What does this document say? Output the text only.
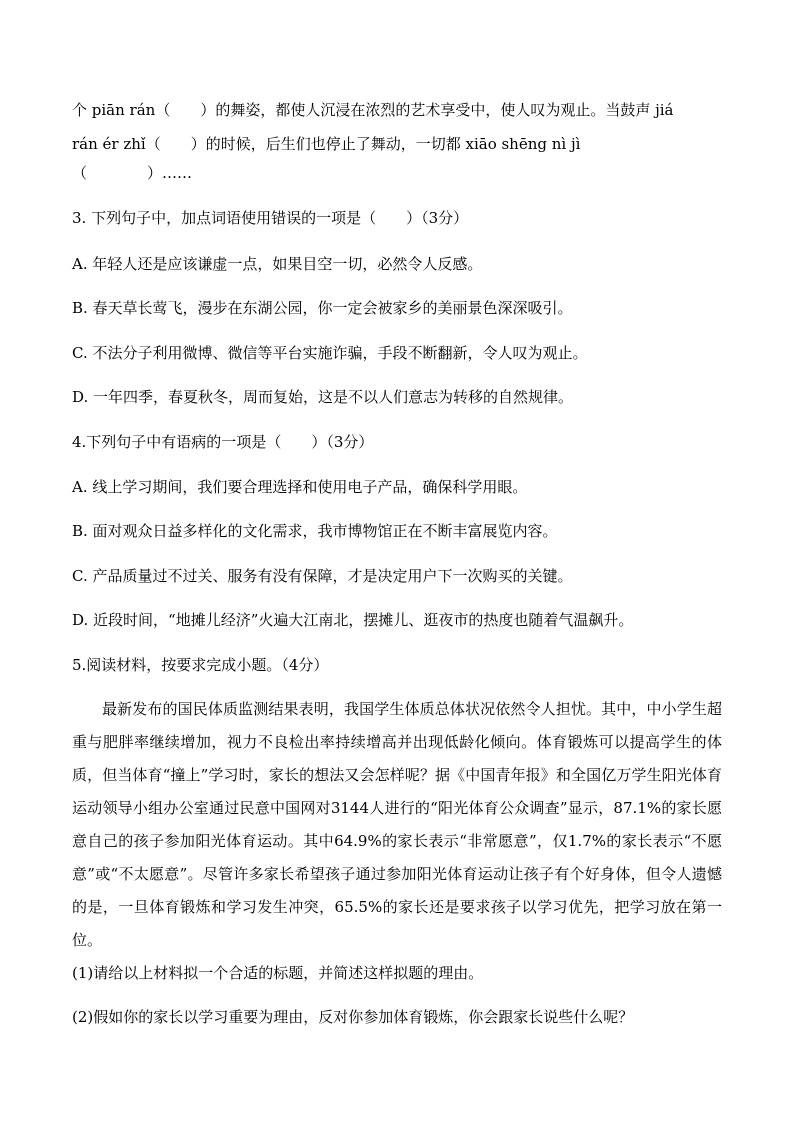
个 piān rán（　　）的舞姿，都使人沉浸在浓烈的艺术享受中，使人叹为观止。当鼓声 jiá
rán ér zhǐ（　　）的时候，后生们也停止了舞动，一切都 xiāo shēng nì jì
（　　　　）……
3. 下列句子中，加点词语使用错误的一项是（　　）（3分）
A. 年轻人还是应该谦虚一点，如果目空一切，必然令人反感。
B. 春天草长莺飞，漫步在东湖公园，你一定会被家乡的美丽景色深深吸引。
C. 不法分子利用微博、微信等平台实施诈骗，手段不断翻新，令人叹为观止。
D. 一年四季，春夏秋冬，周而复始，这是不以人们意志为转移的自然规律。
4.下列句子中有语病的一项是（　　）（3分）
A. 线上学习期间，我们要合理选择和使用电子产品，确保科学用眼。
B. 面对观众日益多样化的文化需求，我市博物馆正在不断丰富展览内容。
C. 产品质量过不过关、服务有没有保障，才是决定用户下一次购买的关键。
D. 近段时间，“地摊儿经济”火遍大江南北，摆摊儿、逛夜市的热度也随着气温飙升。
5.阅读材料，按要求完成小题。（4分）
最新发布的国民体质监测结果表明，我国学生体质总体状况依然令人担忧。其中，中小学生超重与肥胖率继续增加，视力不良检出率持续增高并出现低龄化倾向。体育锻炼可以提高学生的体质，但当体育“撞上”学习时，家长的想法又会怎样呢？据《中国青年报》和全国亿万学生阳光体育运动领导小组办公室通过民意中国网对3144人进行的“阳光体育公众调查”显示，87.1%的家长愿意自己的孩子参加阳光体育运动。其中64.9%的家长表示“非常愿意”，仅1.7%的家长表示“不愿意”或“不太愿意”。尽管许多家长希望孩子通过参加阳光体育运动让孩子有个好身体，但令人遗憾的是，一旦体育锻炼和学习发生冲突，65.5%的家长还是要求孩子以学习优先，把学习放在第一位。
(1)请给以上材料拟一个合适的标题，并简述这样拟题的理由。
(2)假如你的家长以学习重要为理由，反对你参加体育锻炼，你会跟家长说些什么呢？
